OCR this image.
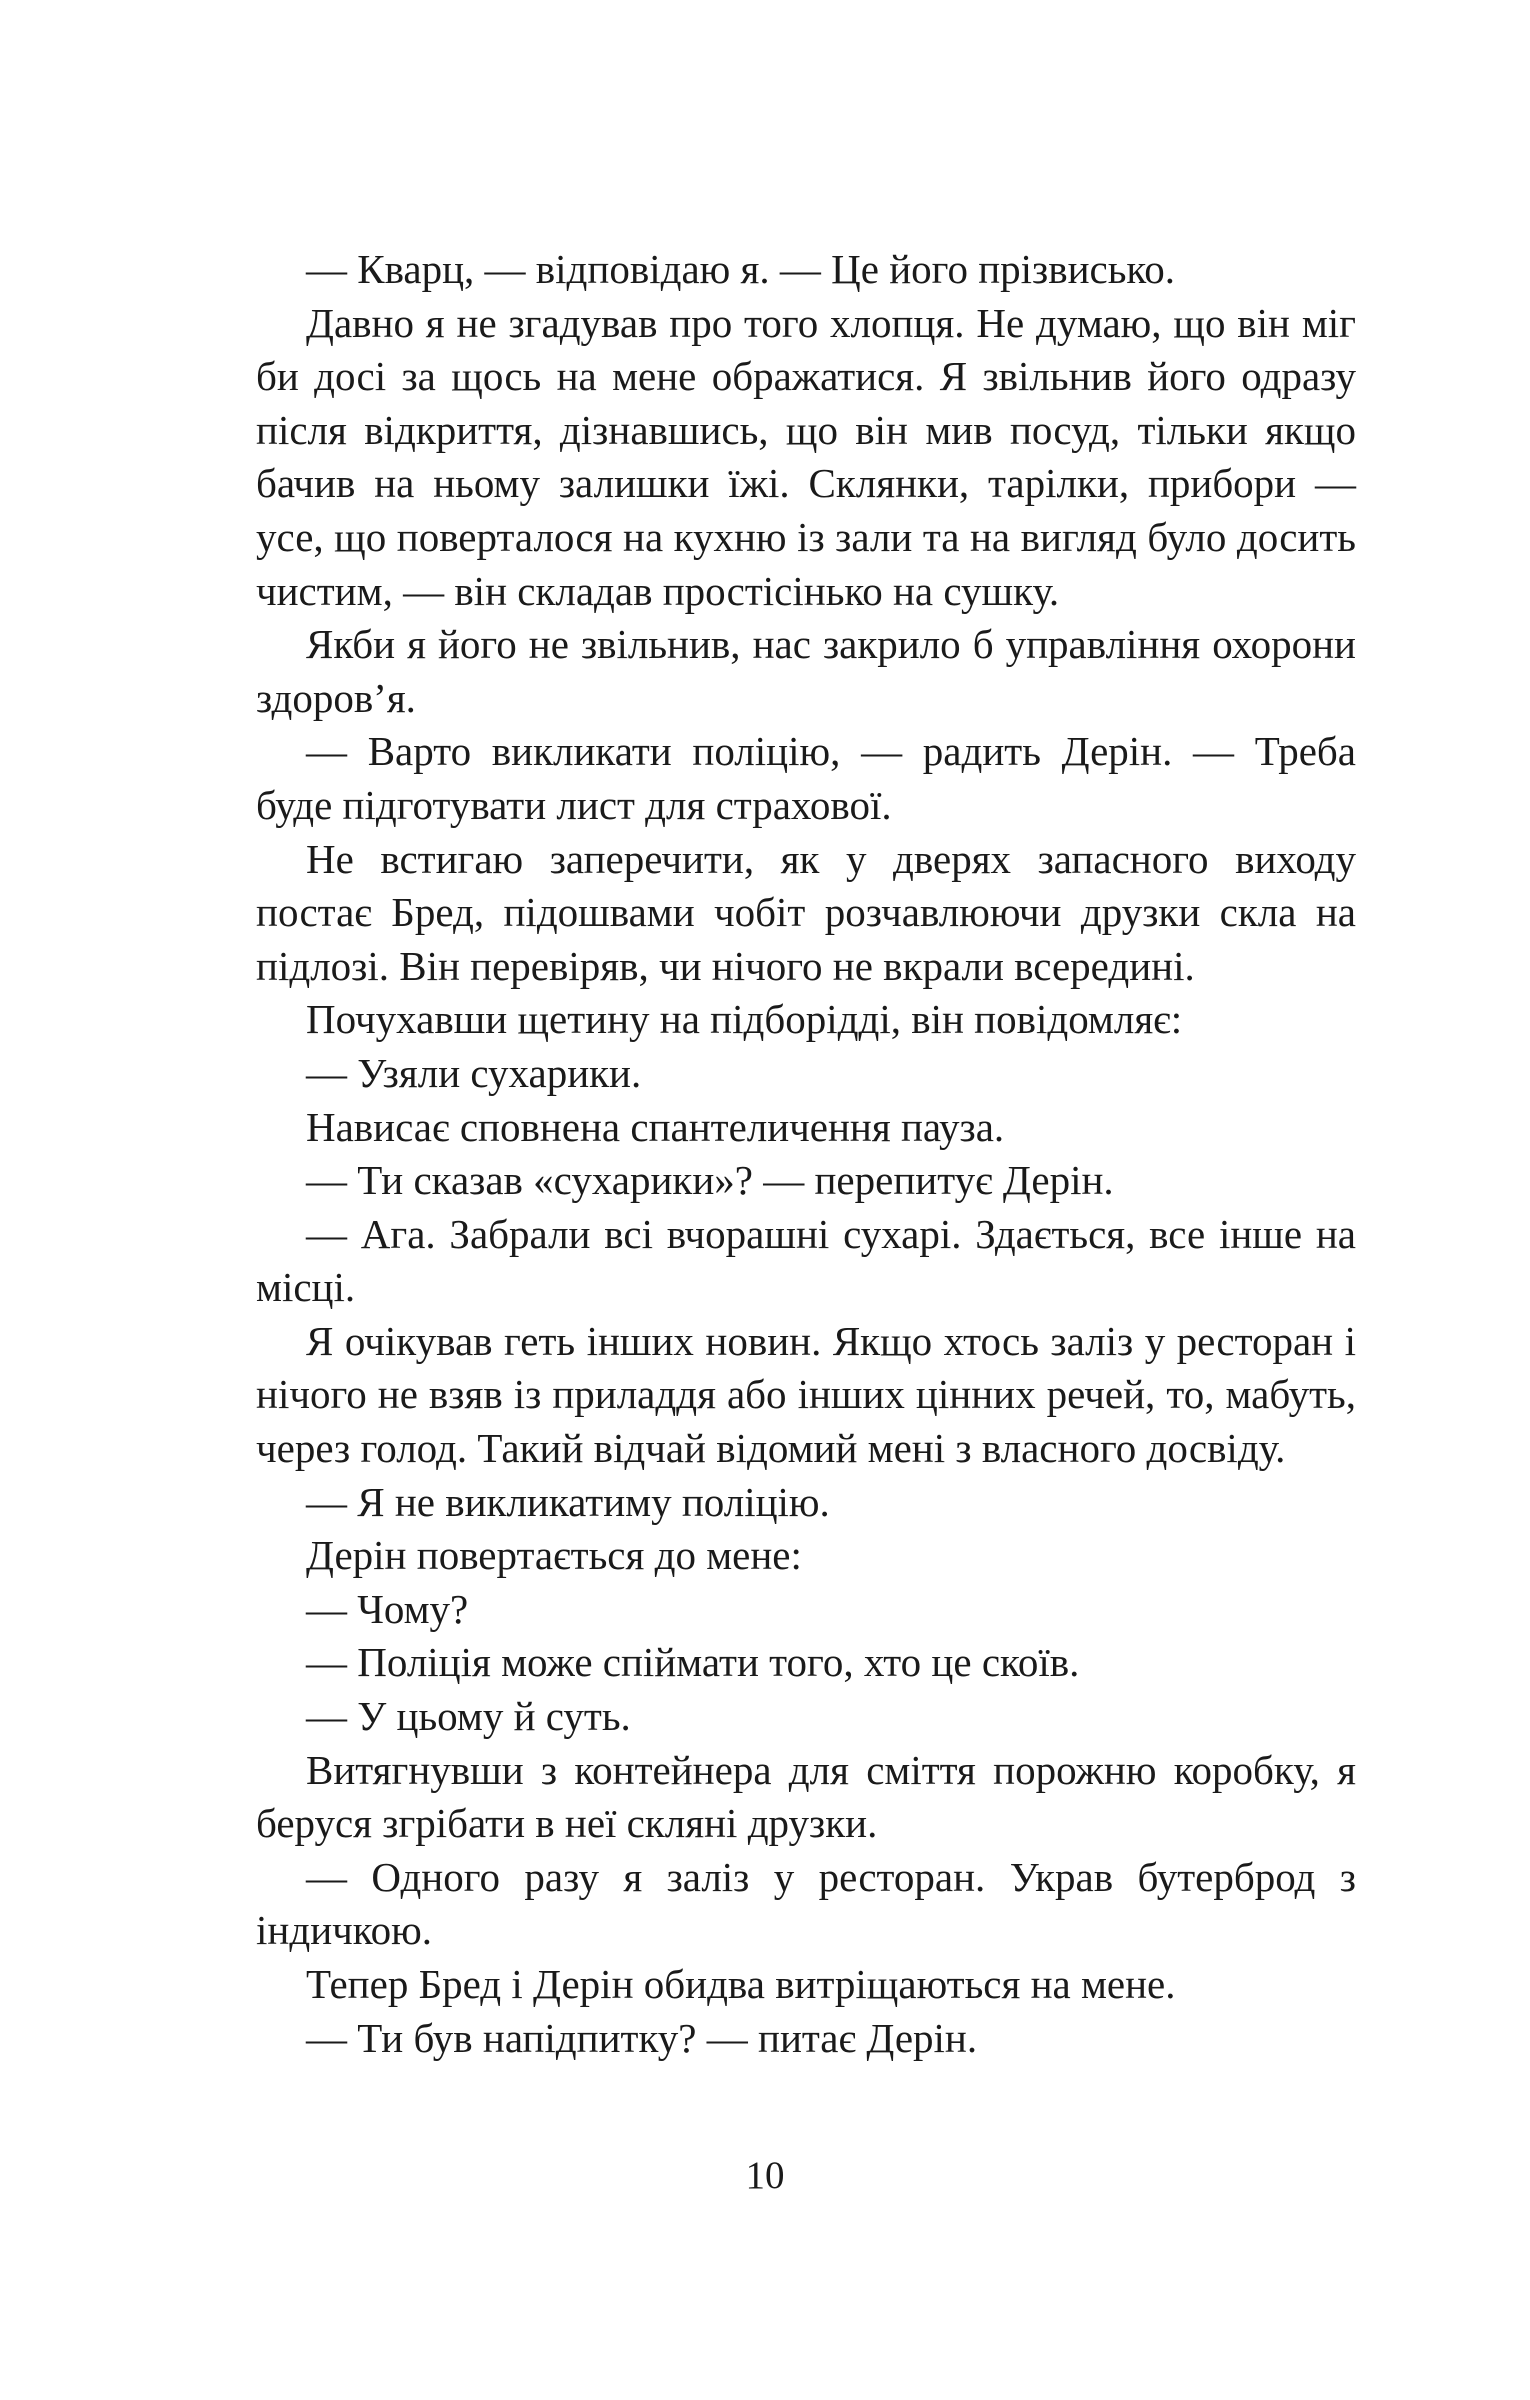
— Кварц, — відповідаю я. — Це його прізвисько.

Давно я не згадував про того хлопця. Не думаю, що він міг би досі за щось на мене ображатися. Я звільнив його одразу після відкриття, дізнавшись, що він мив посуд, тільки якщо бачив на ньому залишки їжі. Склянки, тарілки, прибори — усе, що поверталося на кухню із зали та на вигляд було досить чистим, — він складав простісінько на сушку.

Якби я його не звільнив, нас закрило б управління охорони здоров’я.

— Варто викликати поліцію, — радить Дерін. — Треба буде підготувати лист для страхової.

Не встигаю заперечити, як у дверях запасного виходу постає Бред, підошвами чобіт розчавлюючи друзки скла на підлозі. Він перевіряв, чи нічого не вкрали всередині.

Почухавши щетину на підборідді, він повідомляє:

— Узяли сухарики.

Нависає сповнена спантеличення пауза.

— Ти сказав «сухарики»? — перепитує Дерін.

— Ага. Забрали всі вчорашні сухарі. Здається, все інше на місці.

Я очікував геть інших новин. Якщо хтось заліз у ресторан і нічого не взяв із приладдя або інших цінних речей, то, мабуть, через голод. Такий відчай відомий мені з власного досвіду.

— Я не викликатиму поліцію.

Дерін повертається до мене:

— Чому?

— Поліція може спіймати того, хто це скоїв.

— У цьому й суть.

Витягнувши з контейнера для сміття порожню коробку, я беруся згрібати в неї скляні друзки.

— Одного разу я заліз у ресторан. Украв бутерброд з індичкою.

Тепер Бред і Дерін обидва витріщаються на мене.

— Ти був напідпитку? — питає Дерін.

10
